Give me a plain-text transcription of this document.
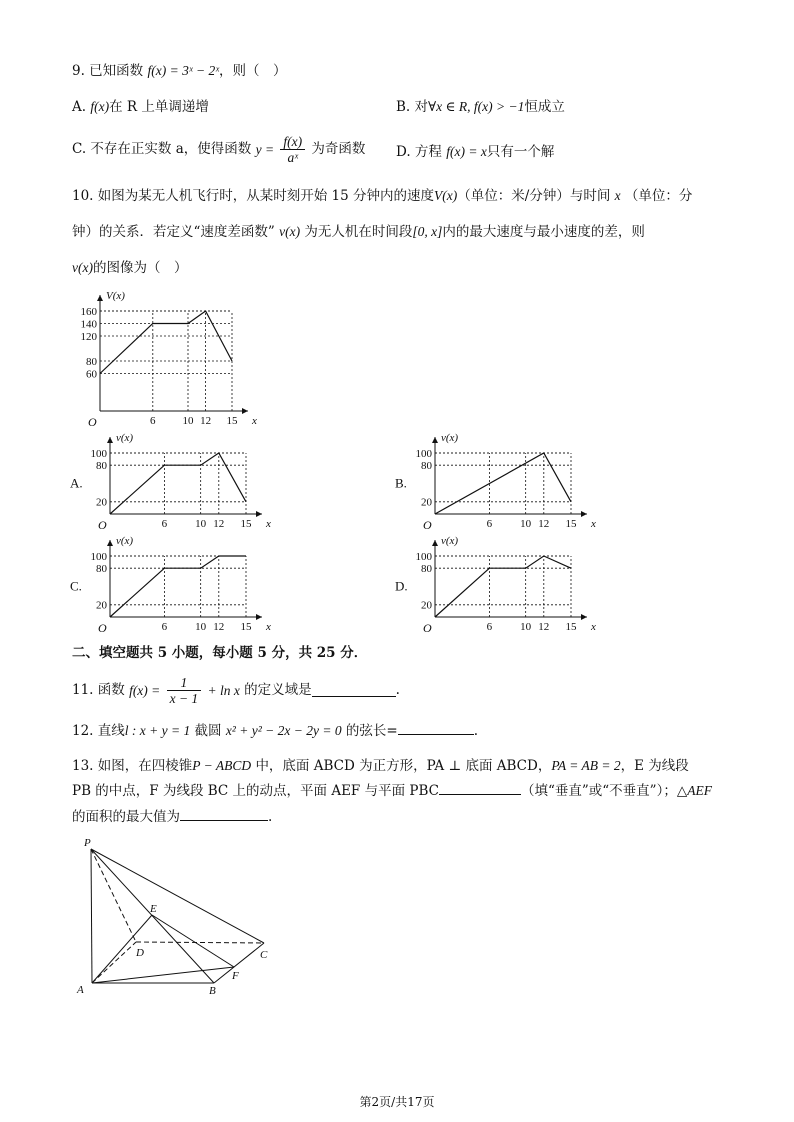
9. 已知函数 f(x) = 3ˣ − 2ˣ，则（　）
A. f(x)在 R 上单调递增	B. 对∀x ∈ R, f(x) > −1恒成立
C. 不存在正实数 a，使得函数 $y = \frac{f(x)}{\text{aˣ}}$ 为奇函数 D. 方程 f(x) = x只有一个解
10. 如图为某无人机飞行时，从某时刻开始 15 分钟内的速度V(x)（单位：米/分钟）与时间 x （单位：分
钟）的关系．若定义“速度差函数” v(x) 为无人机在时间段[0, x]内的最大速度与最小速度的差，则
v(x)的图像为（　）
160
140
120
80
60
6 10 12 15
O	x
V(x)
100
80
20
6	10 12 15
O	x
v(x)
A.
100
80
20
6	10 12 15
O	x
v(x)
B.
100
80
20
6	10 12 15
O	x
v(x)
C.
100
80
20
6	10 12 15
O	x
v(x)
D.
二、填空题共 5 小题，每小题 5 分，共 25 分．
11. 函数 $f(x) = \frac{1}{x - 1} + \ln x$ 的定义域是	.
12. 直线l : x + y = 1 截圆 x² + y² − 2x − 2y = 0 的弦长=	.
13. 如图，在四棱锥P − ABCD 中，底面 ABCD 为正方形，PA ⊥ 底面 ABCD，PA = AB = 2，E 为线段
PB 的中点，F 为线段 BC 上的动点，平面 AEF 与平面 PBC	（填“垂直”或“不垂直”）；△AEF
的面积的最大值为	.
P
E
D	C
F
A	B
第2页/共17页
